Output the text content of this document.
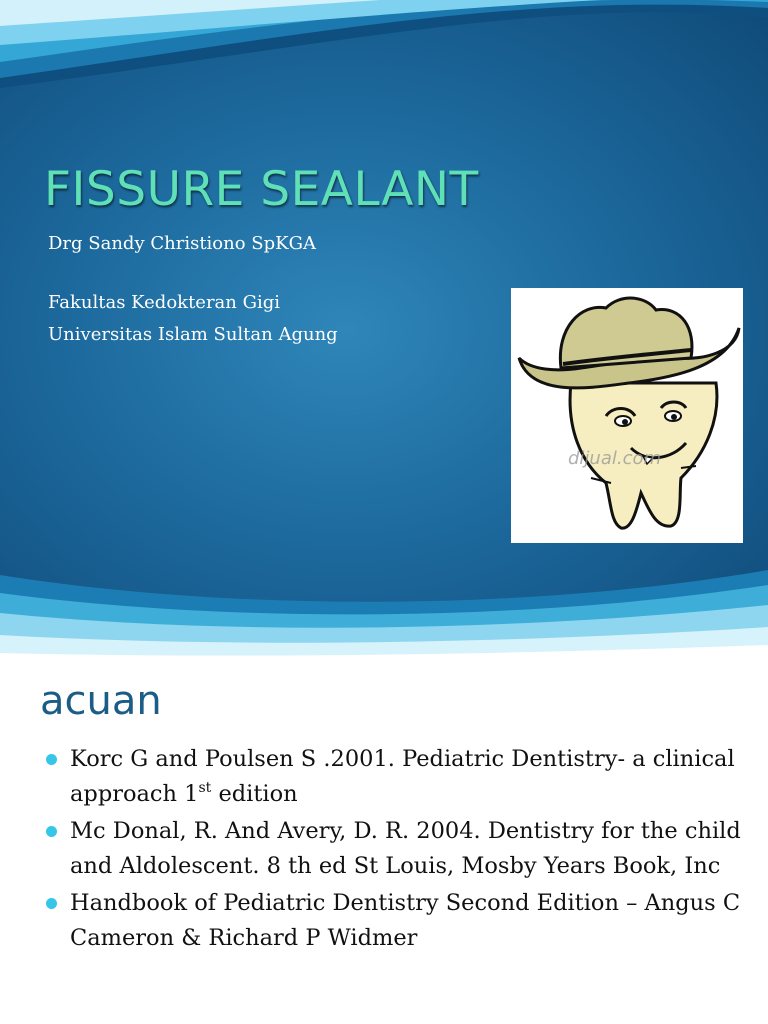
FISSURE SEALANT
Drg Sandy Christiono SpKGA
Fakultas Kedokteran Gigi
Universitas Islam Sultan Agung
dijual.com
acuan
Korc G and Poulsen S .2001. Pediatric Dentistry- a clinical approach 1st edition
Mc Donal, R. And Avery, D. R. 2004. Dentistry for the child and Aldolescent. 8 th ed St Louis, Mosby Years Book, Inc
Handbook of Pediatric Dentistry Second Edition – Angus C Cameron & Richard P Widmer
